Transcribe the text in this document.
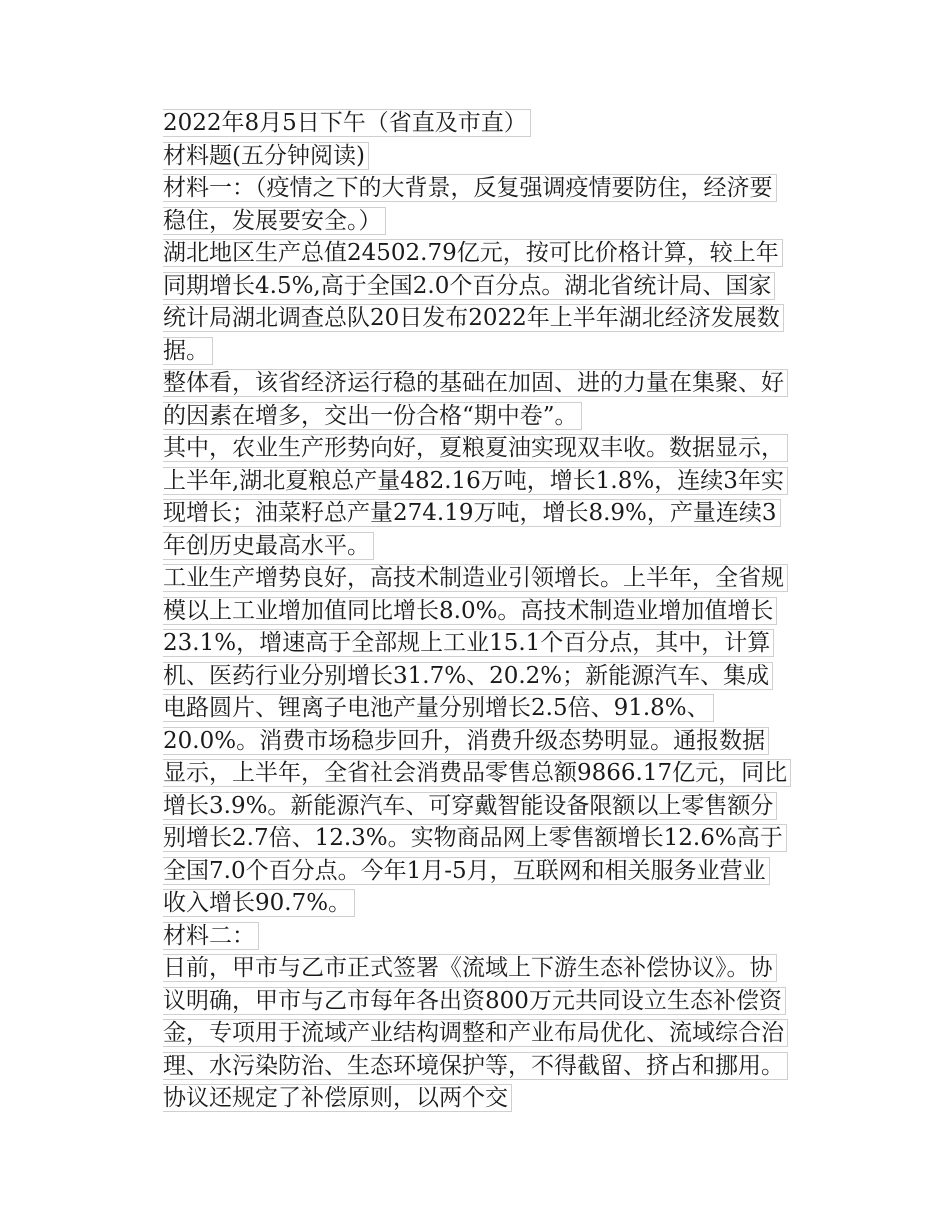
2022年8月5日下午（省直及市直）

材料题(五分钟阅读)

材料一：（疫情之下的大背景，反复强调疫情要防住，经济要稳住，发展要安全。）

湖北地区生产总值24502.79亿元，按可比价格计算，较上年同期增长4.5%,高于全国2.0个百分点。湖北省统计局、国家统计局湖北调查总队20日发布2022年上半年湖北经济发展数据。

整体看，该省经济运行稳的基础在加固、进的力量在集聚、好的因素在增多，交出一份合格“期中卷”。

其中，农业生产形势向好，夏粮夏油实现双丰收。数据显示，上半年,湖北夏粮总产量482.16万吨，增长1.8%，连续3年实现增长；油菜籽总产量274.19万吨，增长8.9%，产量连续3年创历史最高水平。

工业生产增势良好，高技术制造业引领增长。上半年，全省规模以上工业增加值同比增长8.0%。高技术制造业增加值增长23.1%，增速高于全部规上工业15.1个百分点，其中，计算机、医药行业分别增长31.7%、20.2%；新能源汽车、集成电路圆片、锂离子电池产量分别增长2.5倍、91.8%、20.0%。消费市场稳步回升，消费升级态势明显。通报数据显示，上半年，全省社会消费品零售总额9866.17亿元，同比增长3.9%。新能源汽车、可穿戴智能设备限额以上零售额分别增长2.7倍、12.3%。实物商品网上零售额增长12.6%高于全国7.0个百分点。今年1月-5月，互联网和相关服务业营业收入增长90.7%。

材料二：

日前，甲市与乙市正式签署《流域上下游生态补偿协议》。协议明确，甲市与乙市每年各出资800万元共同设立生态补偿资金，专项用于流域产业结构调整和产业布局优化、流域综合治理、水污染防治、生态环境保护等，不得截留、挤占和挪用。协议还规定了补偿原则，以两个交
